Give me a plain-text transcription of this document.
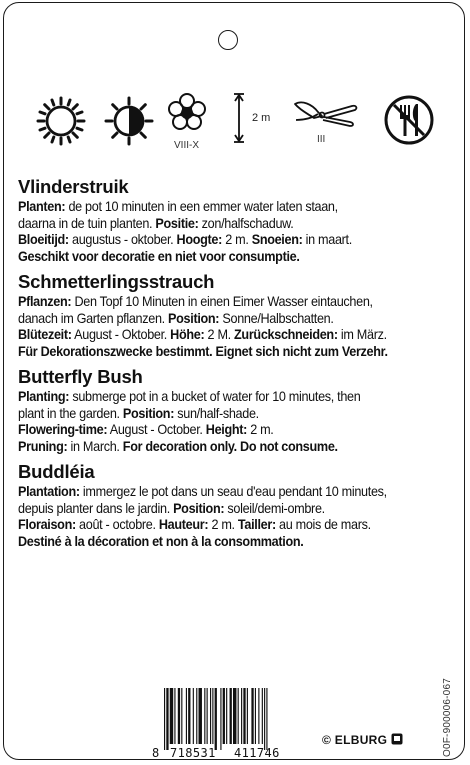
VIII-X
2 m
III
Vlinderstruik

Planten: de pot 10 minuten in een emmer water laten staan,

daarna in de tuin planten. Positie: zon/halfschaduw.

Bloeitijd: augustus - oktober. Hoogte: 2 m. Snoeien: in maart.

Geschikt voor decoratie en niet voor consumptie.

Schmetterlingsstrauch

Pflanzen: Den Topf 10 Minuten in einen Eimer Wasser eintauchen,

danach im Garten pflanzen. Position: Sonne/Halbschatten.

Blütezeit: August - Oktober. Höhe: 2 M. Zurückschneiden: im März.

Für Dekorationszwecke bestimmt. Eignet sich nicht zum Verzehr.

Butterfly Bush

Planting: submerge pot in a bucket of water for 10 minutes, then

plant in the garden. Position: sun/half-shade.

Flowering-time: August - October. Height: 2 m.

Pruning: in March. For decoration only. Do not consume.

Buddléia

Plantation: immergez le pot dans un seau d'eau pendant 10 minutes,

depuis planter dans le jardin. Position: soleil/demi-ombre.

Floraison: août - octobre. Hauteur: 2 m. Tailler: au mois de mars.

Destiné à la décoration et non à la consommation.

8 718531 411746
© ELBURG	O0F-900006-067
